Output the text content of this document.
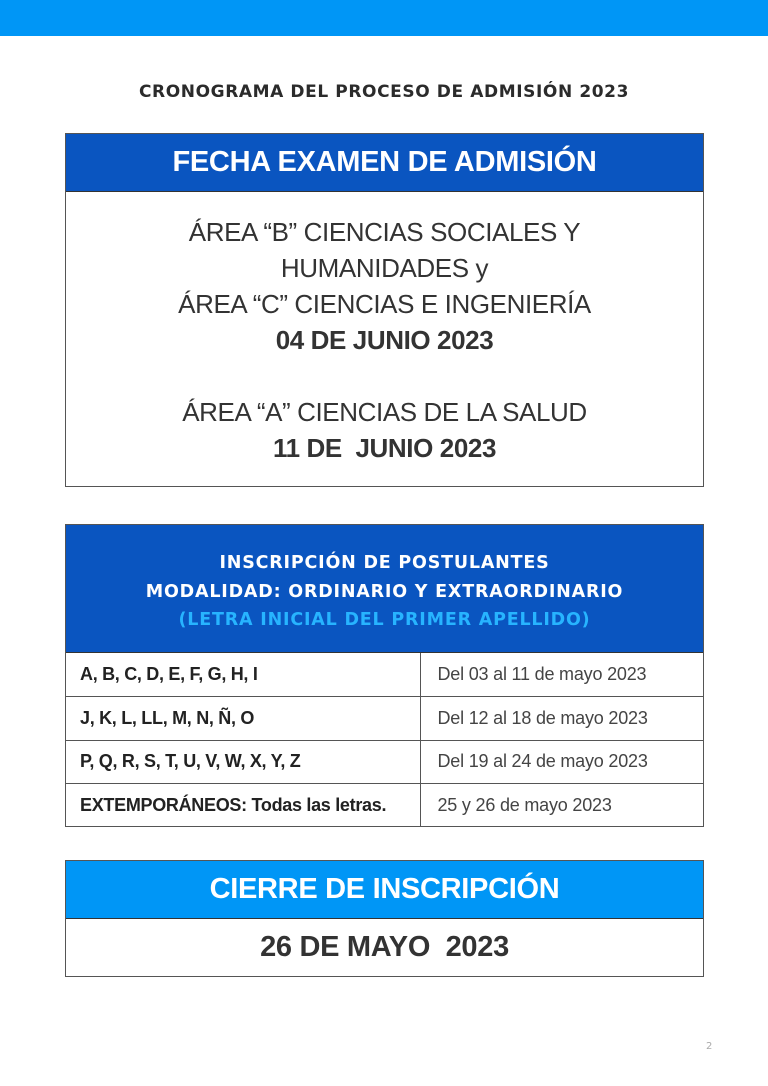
CRONOGRAMA DEL PROCESO DE ADMISIÓN 2023
FECHA EXAMEN DE ADMISIÓN
ÁREA “B” CIENCIAS SOCIALES Y
HUMANIDADES y
ÁREA “C” CIENCIAS E INGENIERÍA
04 DE JUNIO 2023
ÁREA “A” CIENCIAS DE LA SALUD
11 DE  JUNIO 2023
INSCRIPCIÓN DE POSTULANTES
MODALIDAD: ORDINARIO Y EXTRAORDINARIO
(LETRA INICIAL DEL PRIMER APELLIDO)
A, B, C, D, E, F, G, H, I	Del 03 al 11 de mayo 2023
J, K, L, LL, M, N, Ñ, O	Del 12 al 18 de mayo 2023
P, Q, R, S, T, U, V, W, X, Y, Z	Del 19 al 24 de mayo 2023
EXTEMPORÁNEOS: Todas las letras.	25 y 26 de mayo 2023
CIERRE DE INSCRIPCIÓN
26 DE MAYO  2023
2
